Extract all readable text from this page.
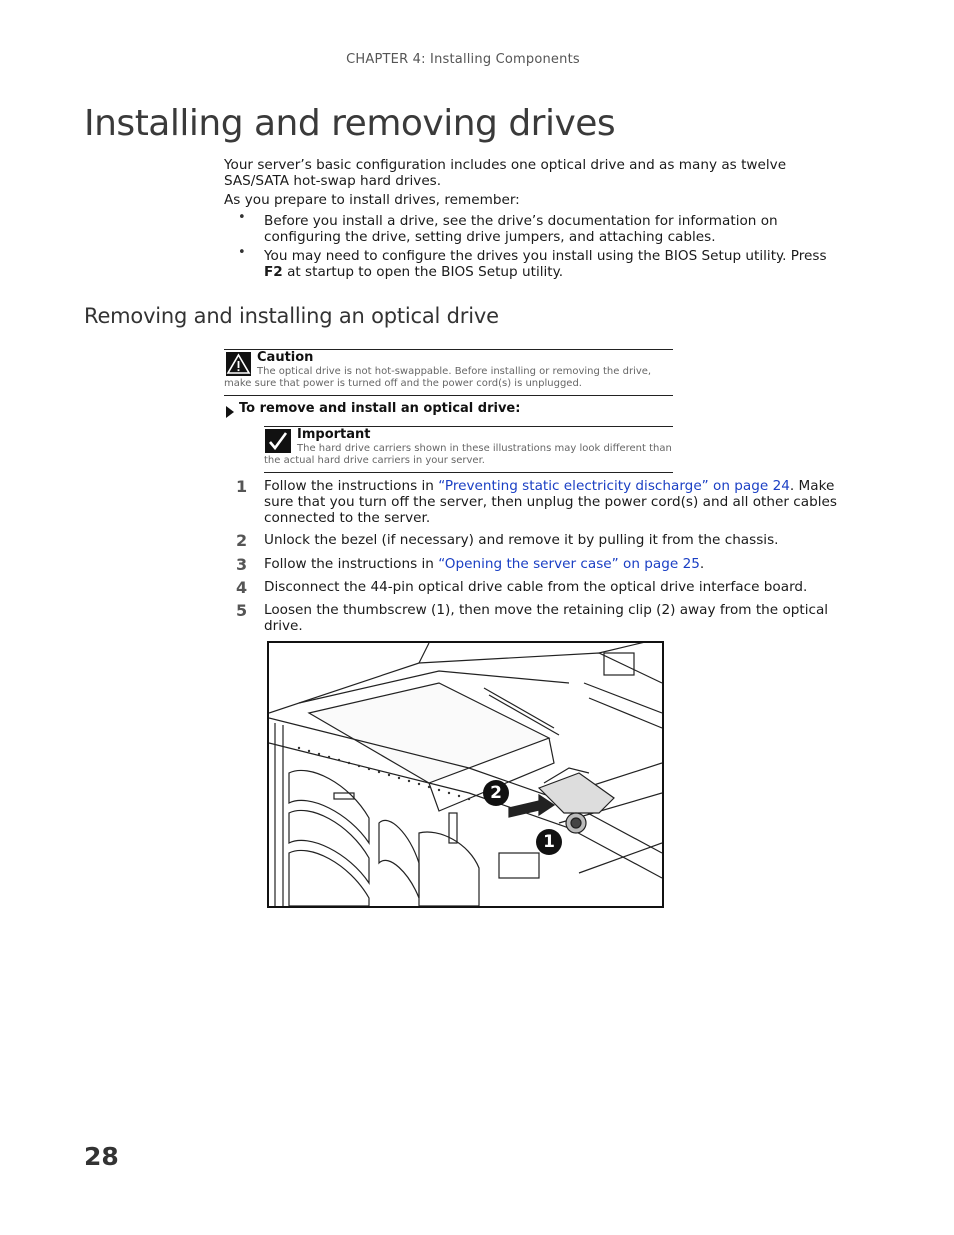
CHAPTER 4: Installing Components
Installing and removing drives
Your server’s basic configuration includes one optical drive and as many as twelve SAS/SATA hot-swap hard drives.
As you prepare to install drives, remember:
• Before you install a drive, see the drive’s documentation for information on configuring the drive, setting drive jumpers, and attaching cables.
• You may need to configure the drives you install using the BIOS Setup utility. Press F2 at startup to open the BIOS Setup utility.
Removing and installing an optical drive
Caution
The optical drive is not hot-swappable. Before installing or removing the drive, make sure that power is turned off and the power cord(s) is unplugged.
To remove and install an optical drive:
Important
The hard drive carriers shown in these illustrations may look different than the actual hard drive carriers in your server.
1 Follow the instructions in “Preventing static electricity discharge” on page 24. Make sure that you turn off the server, then unplug the power cord(s) and all other cables connected to the server.
2 Unlock the bezel (if necessary) and remove it by pulling it from the chassis.
3 Follow the instructions in “Opening the server case” on page 25.
4 Disconnect the 44-pin optical drive cable from the optical drive interface board.
5 Loosen the thumbscrew (1), then move the retaining clip (2) away from the optical drive.
2
1
28
